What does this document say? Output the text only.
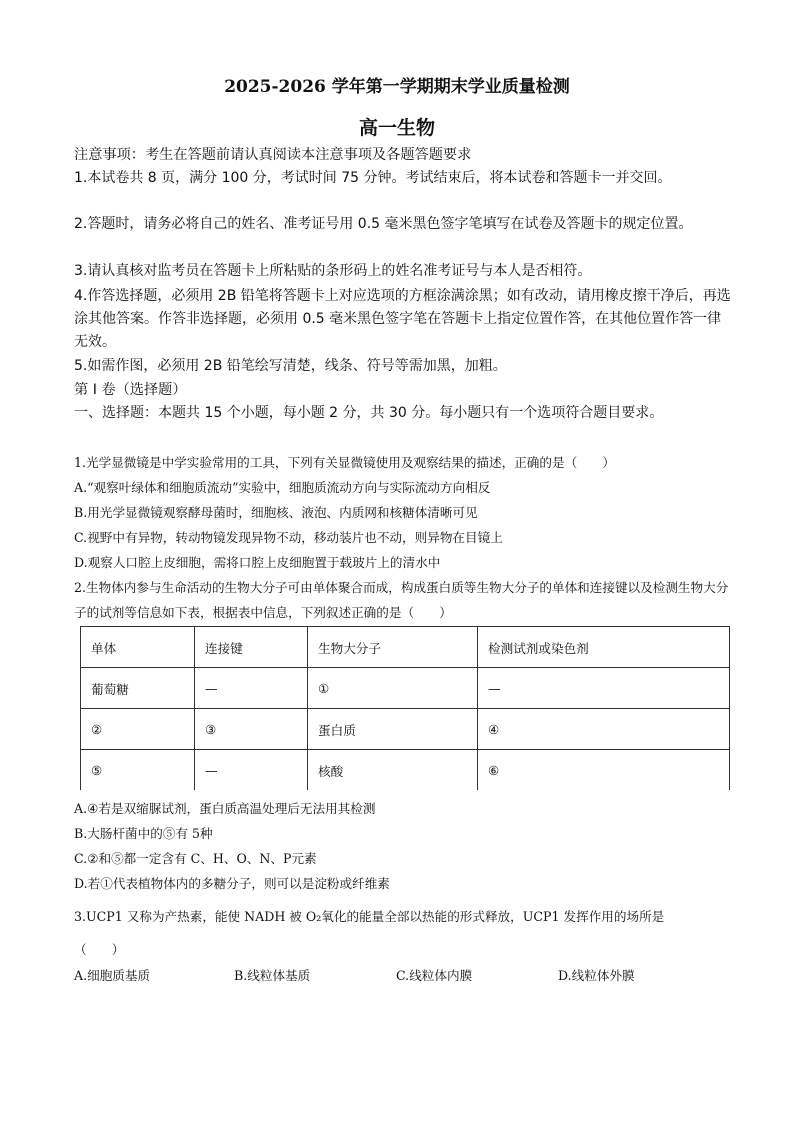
2025-2026 学年第一学期期末学业质量检测
高一生物
注意事项：考生在答题前请认真阅读本注意事项及各题答题要求
1.本试卷共 8 页，满分 100 分，考试时间 75 分钟。考试结束后，将本试卷和答题卡一并交回。
2.答题时，请务必将自己的姓名、准考证号用 0.5 毫米黑色签字笔填写在试卷及答题卡的规定位置。
3.请认真核对监考员在答题卡上所粘贴的条形码上的姓名准考证号与本人是否相符。
4.作答选择题，必须用 2B 铅笔将答题卡上对应选项的方框涂满涂黑；如有改动，请用橡皮擦干净后，再选涂其他答案。作答非选择题，必须用 0.5 毫米黑色签字笔在答题卡上指定位置作答，在其他位置作答一律无效。
5.如需作图，必须用 2B 铅笔绘写清楚，线条、符号等需加黑，加粗。
第 I 卷（选择题）
一、选择题：本题共 15 个小题，每小题 2 分，共 30 分。每小题只有一个选项符合题目要求。
1.光学显微镜是中学实验常用的工具，下列有关显微镜使用及观察结果的描述，正确的是（　　）
A.“观察叶绿体和细胞质流动”实验中，细胞质流动方向与实际流动方向相反
B.用光学显微镜观察酵母菌时，细胞核、液泡、内质网和核糖体清晰可见
C.视野中有异物，转动物镜发现异物不动，移动装片也不动，则异物在目镜上
D.观察人口腔上皮细胞，需将口腔上皮细胞置于载玻片上的清水中
2.生物体内参与生命活动的生物大分子可由单体聚合而成，构成蛋白质等生物大分子的单体和连接键以及检测生物大分子的试剂等信息如下表，根据表中信息，下列叙述正确的是（　　）
单体	连接键	生物大分子	检测试剂或染色剂
葡萄糖	—	①	—
②	③	蛋白质	④
⑤	—	核酸	⑥
A.④若是双缩脲试剂，蛋白质高温处理后无法用其检测
B.大肠杆菌中的⑤有 5种
C.②和⑤都一定含有 C、H、O、N、P元素
D.若①代表植物体内的多糖分子，则可以是淀粉或纤维素
3.UCP1 又称为产热素，能使 NADH 被 O₂氧化的能量全部以热能的形式释放，UCP1 发挥作用的场所是
（　　）
A.细胞质基质	B.线粒体基质	C.线粒体内膜	D.线粒体外膜
